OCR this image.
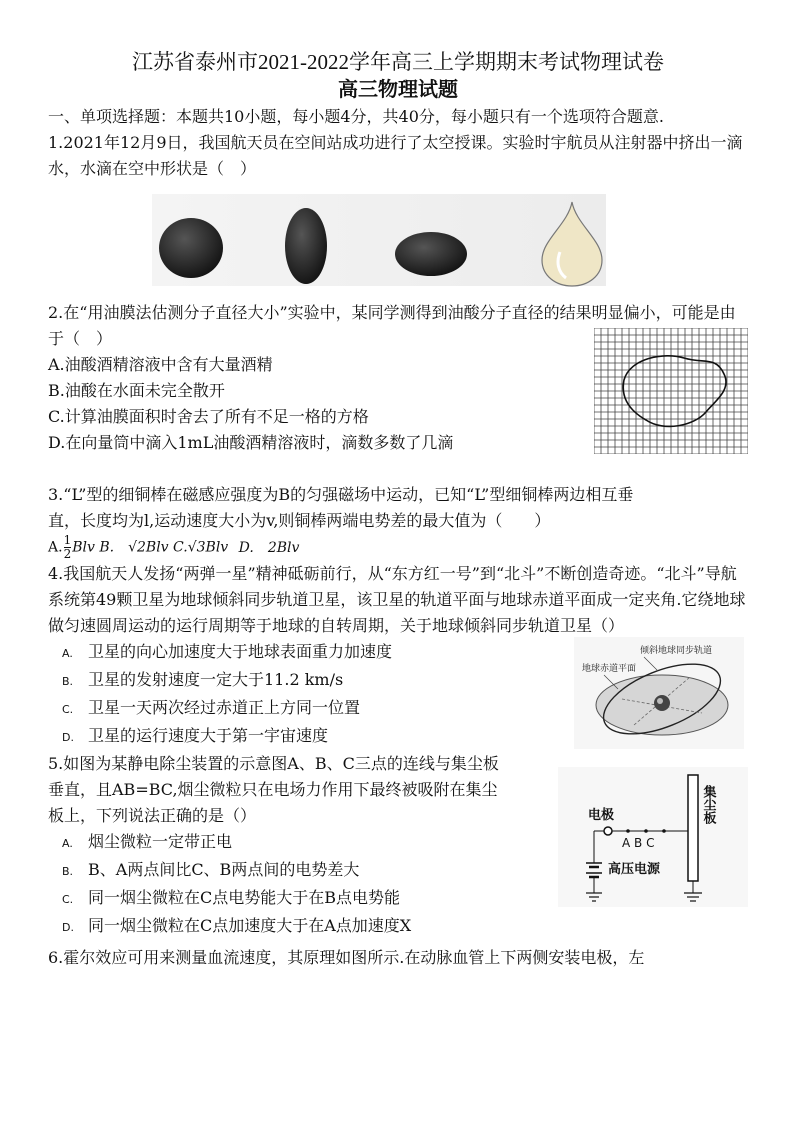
江苏省泰州市2021-2022学年高三上学期期末考试物理试卷
高三物理试题

一、单项选择题：本题共10小题，每小题4分，共40分，每小题只有一个选项符合题意.

1.2021年12月9日，我国航天员在空间站成功进行了太空授课。实验时宇航员从注射器中挤出一滴水，水滴在空中形状是（　）

2.在“用油膜法估测分子直径大小”实验中，某同学测得到油酸分子直径的结果明显偏小，可能是由于（　）

A.油酸酒精溶液中含有大量酒精

B.油酸在水面未完全散开

C.计算油膜面积时舍去了所有不足一格的方格

D.在向量筒中滴入1mL油酸酒精溶液时，滴数多数了几滴

3.“L”型的细铜棒在磁感应强度为B的匀强磁场中运动，已知“L”型细铜棒两边相互垂

直，长度均为l,运动速度大小为v,则铜棒两端电势差的最大值为（　　）

A. $\frac{1}{2}$ Blv B.　√2Blv C.√3Blv D.　2Blv

4.我国航天人发扬“两弹一星”精神砥砺前行，从“东方红一号”到“北斗”不断创造奇迹。“北斗”导航系统第49颗卫星为地球倾斜同步轨道卫星，该卫星的轨道平面与地球赤道平面成一定夹角.它绕地球做匀速圆周运动的运行周期等于地球的自转周期，关于地球倾斜同步轨道卫星（）

A. 卫星的向心加速度大于地球表面重力加速度

B. 卫星的发射速度一定大于11.2 km/s

C. 卫星一天两次经过赤道正上方同一位置

D. 卫星的运行速度大于第一宇宙速度

倾斜地球同步轨道
地球赤道平面

5.如图为某静电除尘装置的示意图A、B、C三点的连线与集尘板垂直，且AB=BC,烟尘微粒只在电场力作用下最终被吸附在集尘板上，下列说法正确的是（）

A. 烟尘微粒一定带正电

B. B、A两点间比C、B两点间的电势差大

C. 同一烟尘微粒在C点电势能大于在B点电势能

D. 同一烟尘微粒在C点加速度大于在A点加速度X

电极
A B C
集尘板
高压电源

6.霍尔效应可用来测量血流速度，其原理如图所示.在动脉血管上下两侧安装电极，左
